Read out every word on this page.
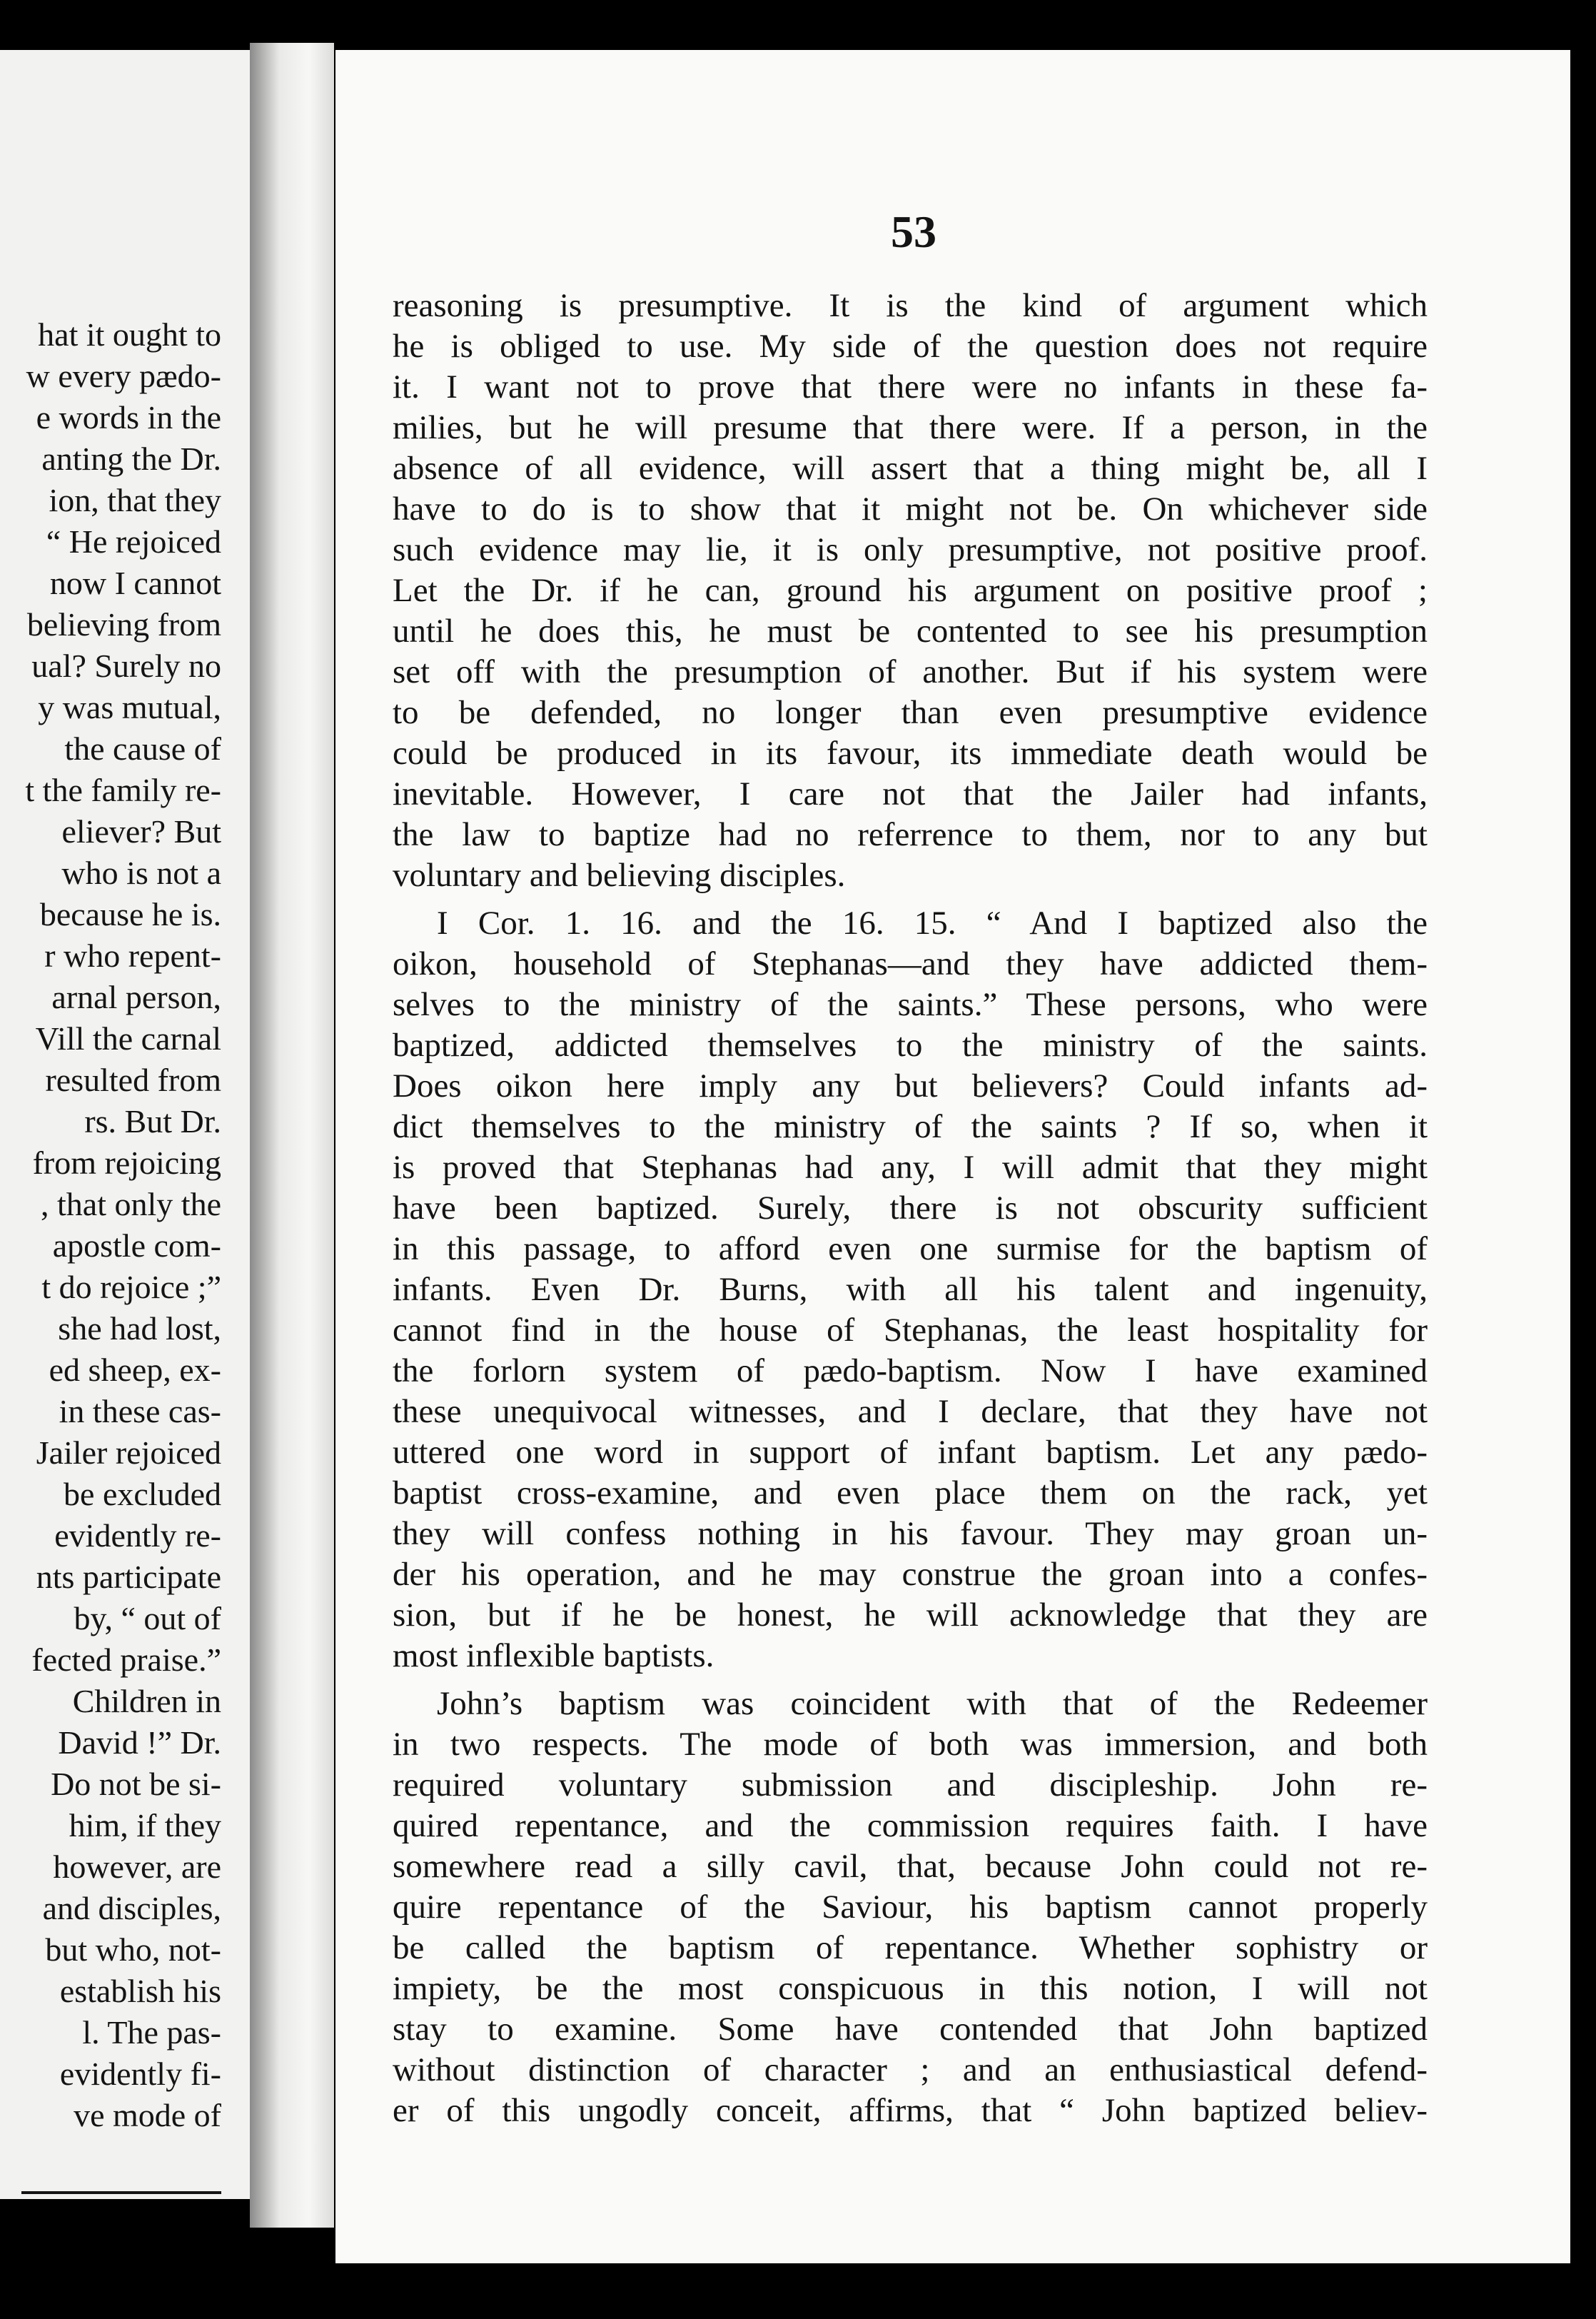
hat it ought to
w every pædo-
e words in the
anting the Dr.
ion, that they
“ He rejoiced
now I cannot
believing from
ual? Surely no
y was mutual,
the cause of
t the family re-
eliever? But
who is not a
because he is.
r who repent-
arnal person,
Vill the carnal
resulted from
rs. But Dr.
from rejoicing
, that only the
apostle com-
t do rejoice ;”
she had lost,
ed sheep, ex-
in these cas-
Jailer rejoiced
be excluded
evidently re-
nts participate
by, “ out of
fected praise.”
Children in
David !” Dr.
Do not be si-
him, if they
however, are
and disciples,
but who, not-
establish his
l. The pas-
evidently fi-
ve mode of
53
reasoning is presumptive. It is the kind of argument which
he is obliged to use. My side of the question does not require
it. I want not to prove that there were no infants in these fa-
milies, but he will presume that there were. If a person, in the
absence of all evidence, will assert that a thing might be, all I
have to do is to show that it might not be. On whichever side
such evidence may lie, it is only presumptive, not positive proof.
Let the Dr. if he can, ground his argument on positive proof ;
until he does this, he must be contented to see his presumption
set off with the presumption of another. But if his system were
to be defended, no longer than even presumptive evidence
could be produced in its favour, its immediate death would be
inevitable. However, I care not that the Jailer had infants,
the law to baptize had no referrence to them, nor to any but
voluntary and believing disciples.
I Cor. 1. 16. and the 16. 15. “ And I baptized also the
oikon, household of Stephanas—and they have addicted them-
selves to the ministry of the saints.” These persons, who were
baptized, addicted themselves to the ministry of the saints.
Does oikon here imply any but believers? Could infants ad-
dict themselves to the ministry of the saints ? If so, when it
is proved that Stephanas had any, I will admit that they might
have been baptized. Surely, there is not obscurity sufficient
in this passage, to afford even one surmise for the baptism of
infants. Even Dr. Burns, with all his talent and ingenuity,
cannot find in the house of Stephanas, the least hospitality for
the forlorn system of pædo-baptism. Now I have examined
these unequivocal witnesses, and I declare, that they have not
uttered one word in support of infant baptism. Let any pædo-
baptist cross-examine, and even place them on the rack, yet
they will confess nothing in his favour. They may groan un-
der his operation, and he may construe the groan into a confes-
sion, but if he be honest, he will acknowledge that they are
most inflexible baptists.
John’s baptism was coincident with that of the Redeemer
in two respects. The mode of both was immersion, and both
required voluntary submission and discipleship. John re-
quired repentance, and the commission requires faith. I have
somewhere read a silly cavil, that, because John could not re-
quire repentance of the Saviour, his baptism cannot properly
be called the baptism of repentance. Whether sophistry or
impiety, be the most conspicuous in this notion, I will not
stay to examine. Some have contended that John baptized
without distinction of character ; and an enthusiastical defend-
er of this ungodly conceit, affirms, that “ John baptized believ-
